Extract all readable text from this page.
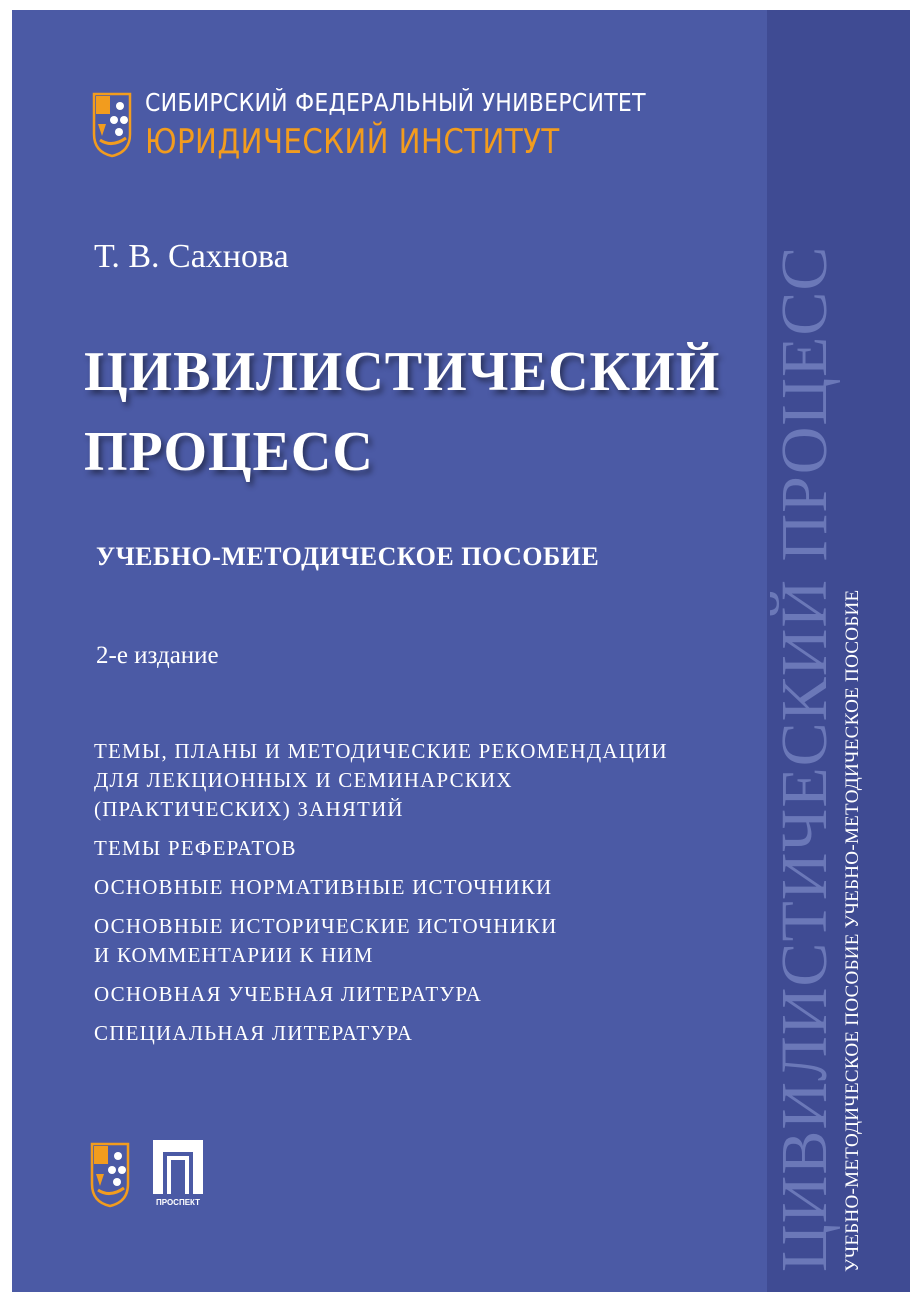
ЦИВИЛИСТИЧЕСКИЙ ПРОЦЕСС УЧЕБНО-МЕТОДИЧЕСКОЕ ПОСОБИЕ УЧЕБНО-МЕТОДИЧЕСКОЕ ПОСОБИЕ
СИБИРСКИЙ ФЕДЕРАЛЬНЫЙ УНИВЕРСИТЕТ
ЮРИДИЧЕСКИЙ ИНСТИТУТ
Т. В. Сахнова
ЦИВИЛИСТИЧЕСКИЙ
ПРОЦЕСС
УЧЕБНО-МЕТОДИЧЕСКОЕ ПОСОБИЕ
2-е издание
ТЕМЫ, ПЛАНЫ И МЕТОДИЧЕСКИЕ РЕКОМЕНДАЦИИ
ДЛЯ ЛЕКЦИОННЫХ И СЕМИНАРСКИХ
(ПРАКТИЧЕСКИХ) ЗАНЯТИЙ
ТЕМЫ РЕФЕРАТОВ
ОСНОВНЫЕ НОРМАТИВНЫЕ ИСТОЧНИКИ
ОСНОВНЫЕ ИСТОРИЧЕСКИЕ ИСТОЧНИКИ
И КОММЕНТАРИИ К НИМ
ОСНОВНАЯ УЧЕБНАЯ ЛИТЕРАТУРА
СПЕЦИАЛЬНАЯ ЛИТЕРАТУРА
ПРОСПЕКТ
